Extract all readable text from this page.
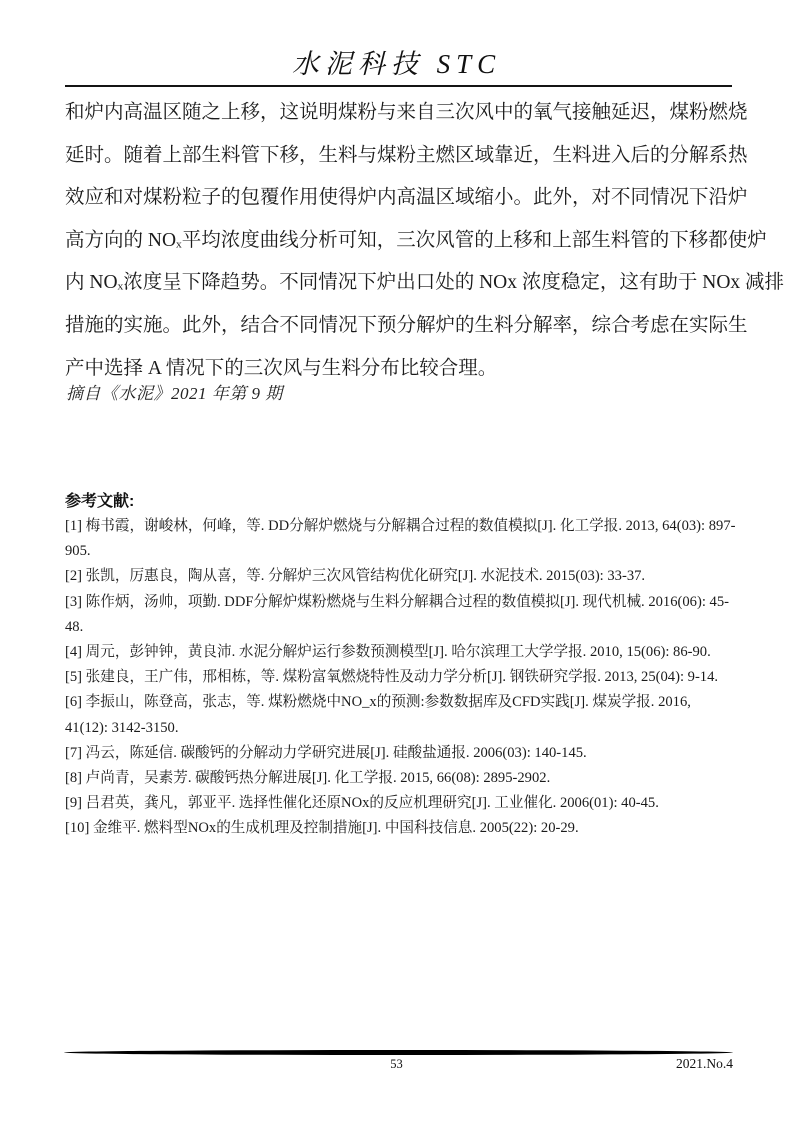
水泥科技 STC
和炉内高温区随之上移，这说明煤粉与来自三次风中的氧气接触延迟，煤粉燃烧
延时。随着上部生料管下移，生料与煤粉主燃区域靠近，生料进入后的分解系热
效应和对煤粉粒子的包覆作用使得炉内高温区域缩小。此外，对不同情况下沿炉
高方向的 NOₓ平均浓度曲线分析可知，三次风管的上移和上部生料管的下移都使炉
内 NOₓ浓度呈下降趋势。不同情况下炉出口处的 NOx 浓度稳定，这有助于 NOx 减排
措施的实施。此外，结合不同情况下预分解炉的生料分解率，综合考虑在实际生
产中选择 A 情况下的三次风与生料分布比较合理。
摘自《水泥》2021 年第 9 期
参考文献:
[1] 梅书霞，谢峻林，何峰，等. DD分解炉燃烧与分解耦合过程的数值模拟[J]. 化工学报. 2013, 64(03): 897-905.
[2] 张凯，厉惠良，陶从喜，等. 分解炉三次风管结构优化研究[J]. 水泥技术. 2015(03): 33-37.
[3] 陈作炳，汤帅，项勤. DDF分解炉煤粉燃烧与生料分解耦合过程的数值模拟[J]. 现代机械. 2016(06): 45-48.
[4] 周元，彭钟钟，黄良沛. 水泥分解炉运行参数预测模型[J]. 哈尔滨理工大学学报. 2010, 15(06): 86-90.
[5] 张建良，王广伟，邢相栋，等. 煤粉富氧燃烧特性及动力学分析[J]. 钢铁研究学报. 2013, 25(04): 9-14.
[6] 李振山，陈登高，张志，等. 煤粉燃烧中NO_x的预测:参数数据库及CFD实践[J]. 煤炭学报. 2016, 41(12): 3142-3150.
[7] 冯云，陈延信. 碳酸钙的分解动力学研究进展[J]. 硅酸盐通报. 2006(03): 140-145.
[8] 卢尚青，吴素芳. 碳酸钙热分解进展[J]. 化工学报. 2015, 66(08): 2895-2902.
[9] 吕君英，龚凡，郭亚平. 选择性催化还原NOx的反应机理研究[J]. 工业催化. 2006(01): 40-45.
[10] 金维平. 燃料型NOx的生成机理及控制措施[J]. 中国科技信息. 2005(22): 20-29.
53	2021.No.4
